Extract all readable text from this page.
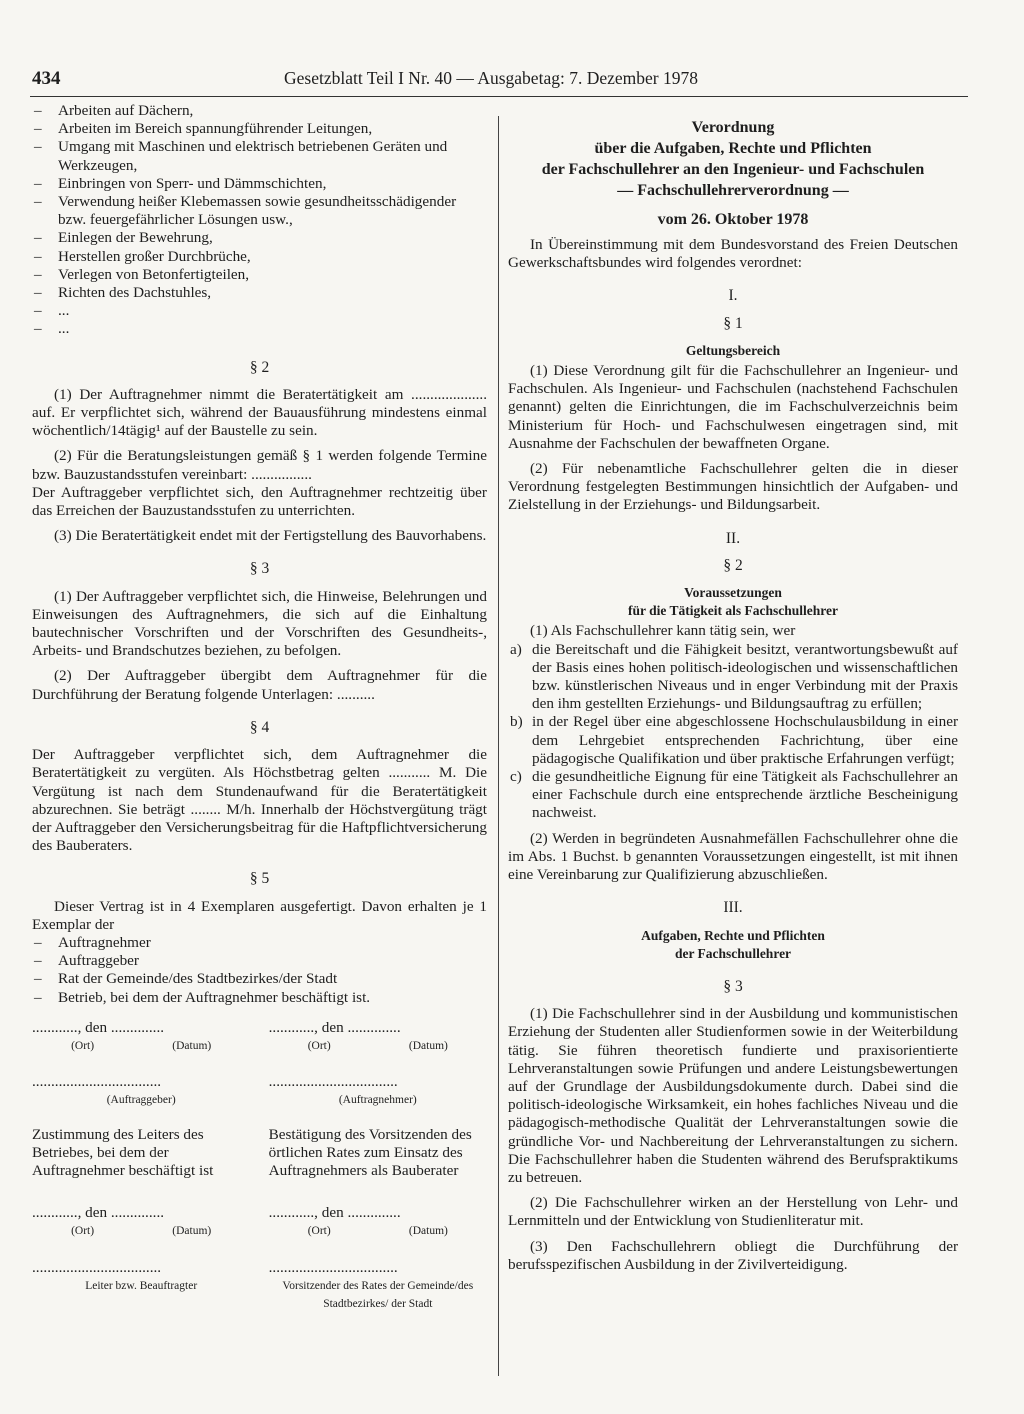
434	Gesetzblatt Teil I Nr. 40 — Ausgabetag: 7. Dezember 1978
– Arbeiten auf Dächern,
– Arbeiten im Bereich spannungführender Leitungen,
– Umgang mit Maschinen und elektrisch betriebenen Geräten und Werkzeugen,
– Einbringen von Sperr- und Dämmschichten,
– Verwendung heißer Klebemassen sowie gesundheitsschädigender bzw. feuergefährlicher Lösungen usw.,
– Einlegen der Bewehrung,
– Herstellen großer Durchbrüche,
– Verlegen von Betonfertigteilen,
– Richten des Dachstuhles,
– ...
– ...
§ 2

(1) Der Auftragnehmer nimmt die Beratertätigkeit am .................... auf. Er verpflichtet sich, während der Bauausführung mindestens einmal wöchentlich/14tägig¹ auf der Baustelle zu sein.

(2) Für die Beratungsleistungen gemäß § 1 werden folgende Termine bzw. Bauzustandsstufen vereinbart: ................

Der Auftraggeber verpflichtet sich, den Auftragnehmer rechtzeitig über das Erreichen der Bauzustandsstufen zu unterrichten.

(3) Die Beratertätigkeit endet mit der Fertigstellung des Bauvorhabens.

§ 3

(1) Der Auftraggeber verpflichtet sich, die Hinweise, Belehrungen und Einweisungen des Auftragnehmers, die sich auf die Einhaltung bautechnischer Vorschriften und der Vorschriften des Gesundheits-, Arbeits- und Brandschutzes beziehen, zu befolgen.

(2) Der Auftraggeber übergibt dem Auftragnehmer für die Durchführung der Beratung folgende Unterlagen: ..........

§ 4

Der Auftraggeber verpflichtet sich, dem Auftragnehmer die Beratertätigkeit zu vergüten. Als Höchstbetrag gelten ........... M. Die Vergütung ist nach dem Stundenaufwand für die Beratertätigkeit abzurechnen. Sie beträgt ........ M/h. Innerhalb der Höchstvergütung trägt der Auftraggeber den Versicherungsbeitrag für die Haftpflichtversicherung des Bauberaters.

§ 5

Dieser Vertrag ist in 4 Exemplaren ausgefertigt. Davon erhalten je 1 Exemplar der

– Auftragnehmer
– Auftraggeber
– Rat der Gemeinde/des Stadtbezirkes/der Stadt
– Betrieb, bei dem der Auftragnehmer beschäftigt ist.
............, den ..............
(Ort)	(Datum)
............, den ..............
(Ort)	(Datum)
..................................
(Auftraggeber)
..................................
(Auftragnehmer)

Zustimmung des Leiters des Betriebes, bei dem der Auftragnehmer beschäftigt ist

Bestätigung des Vorsitzenden des örtlichen Rates zum Einsatz des Auftragnehmers als Bauberater

............, den ..............
(Ort)	(Datum)
............, den ..............
(Ort)	(Datum)
..................................
Leiter bzw. Beauftragter
..................................
Vorsitzender des Rates der Gemeinde/des Stadtbezirkes/ der Stadt
Verordnung
über die Aufgaben, Rechte und Pflichten
der Fachschullehrer an den Ingenieur- und Fachschulen
— Fachschullehrerverordnung —
vom 26. Oktober 1978

In Übereinstimmung mit dem Bundesvorstand des Freien Deutschen Gewerkschaftsbundes wird folgendes verordnet:

I.
§ 1
Geltungsbereich

(1) Diese Verordnung gilt für die Fachschullehrer an Ingenieur- und Fachschulen. Als Ingenieur- und Fachschulen (nachstehend Fachschulen genannt) gelten die Einrichtungen, die im Fachschulverzeichnis beim Ministerium für Hoch- und Fachschulwesen eingetragen sind, mit Ausnahme der Fachschulen der bewaffneten Organe.

(2) Für nebenamtliche Fachschullehrer gelten die in dieser Verordnung festgelegten Bestimmungen hinsichtlich der Aufgaben- und Zielstellung in der Erziehungs- und Bildungsarbeit.

II.
§ 2
Voraussetzungen
für die Tätigkeit als Fachschullehrer

(1) Als Fachschullehrer kann tätig sein, wer

a) die Bereitschaft und die Fähigkeit besitzt, verantwortungsbewußt auf der Basis eines hohen politisch-ideologischen und wissenschaftlichen bzw. künstlerischen Niveaus und in enger Verbindung mit der Praxis den ihm gestellten Erziehungs- und Bildungsauftrag zu erfüllen;
b) in der Regel über eine abgeschlossene Hochschulausbildung in einer dem Lehrgebiet entsprechenden Fachrichtung, über eine pädagogische Qualifikation und über praktische Erfahrungen verfügt;
c) die gesundheitliche Eignung für eine Tätigkeit als Fachschullehrer an einer Fachschule durch eine entsprechende ärztliche Bescheinigung nachweist.

(2) Werden in begründeten Ausnahmefällen Fachschullehrer ohne die im Abs. 1 Buchst. b genannten Voraussetzungen eingestellt, ist mit ihnen eine Vereinbarung zur Qualifizierung abzuschließen.

III.
Aufgaben, Rechte und Pflichten
der Fachschullehrer
§ 3

(1) Die Fachschullehrer sind in der Ausbildung und kommunistischen Erziehung der Studenten aller Studienformen sowie in der Weiterbildung tätig. Sie führen theoretisch fundierte und praxisorientierte Lehrveranstaltungen sowie Prüfungen und andere Leistungsbewertungen auf der Grundlage der Ausbildungsdokumente durch. Dabei sind die politisch-ideologische Wirksamkeit, ein hohes fachliches Niveau und die pädagogisch-methodische Qualität der Lehrveranstaltungen sowie die gründliche Vor- und Nachbereitung der Lehrveranstaltungen zu sichern. Die Fachschullehrer haben die Studenten während des Berufspraktikums zu betreuen.

(2) Die Fachschullehrer wirken an der Herstellung von Lehr- und Lernmitteln und der Entwicklung von Studienliteratur mit.

(3) Den Fachschullehrern obliegt die Durchführung der berufsspezifischen Ausbildung in der Zivilverteidigung.
